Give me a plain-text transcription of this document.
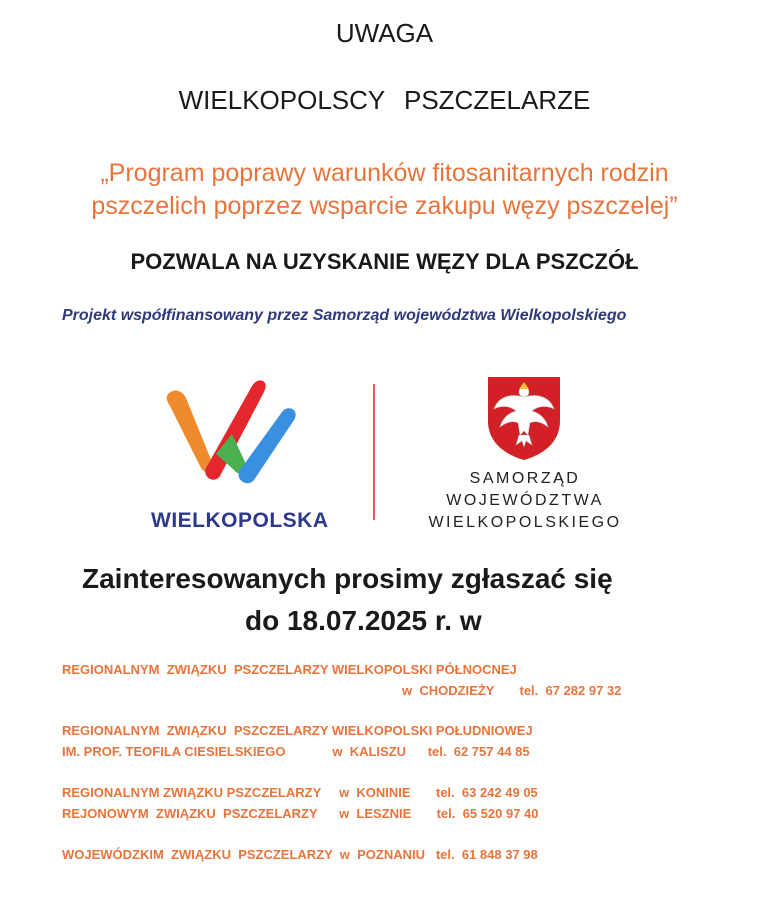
UWAGA
WIELKOPOLSCY PSZCZELARZE
„Program poprawy warunków fitosanitarnych rodzin
pszczelich poprzez wsparcie zakupu węzy pszczelej”
POZWALA NA UZYSKANIE WĘZY DLA PSZCZÓŁ
Projekt współfinansowany przez Samorząd województwa Wielkopolskiego
WIELKOPOLSKA
SAMORZĄD
WOJEWÓDZTWA
WIELKOPOLSKIEGO
Zainteresowanych prosimy zgłaszać się
do 18.07.2025 r. w
REGIONALNYM  ZWIĄZKU  PSZCZELARZY WIELKOPOLSKI PÓŁNOCNEJ
w  CHODZIEŻY       tel.  67 282 97 32
REGIONALNYM  ZWIĄZKU  PSZCZELARZY WIELKOPOLSKI POŁUDNIOWEJ
IM. PROF. TEOFILA CIESIELSKIEGO             w  KALISZU      tel.  62 757 44 85
REGIONALNYM ZWIĄZKU PSZCZELARZY     w  KONINIE       tel.  63 242 49 05
REJONOWYM  ZWIĄZKU  PSZCZELARZY      w  LESZNIE       tel.  65 520 97 40
WOJEWÓDZKIM  ZWIĄZKU  PSZCZELARZY  w  POZNANIU   tel.  61 848 37 98
